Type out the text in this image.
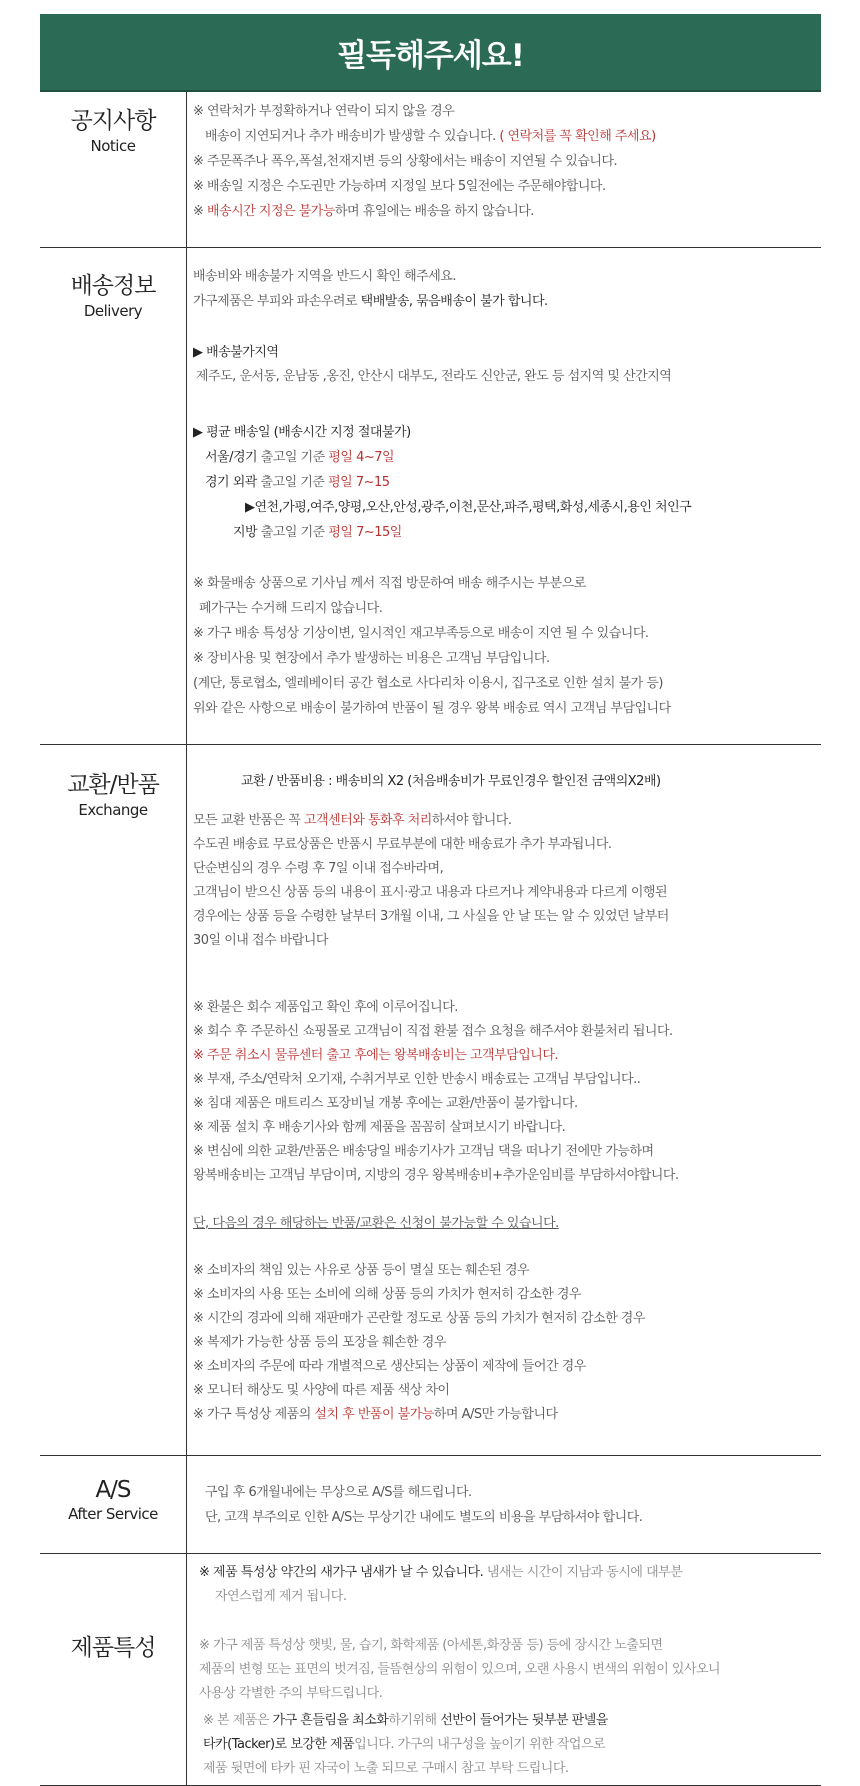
필독해주세요!
공지사항
Notice
※ 연락처가 부정확하거나 연락이 되지 않을 경우
배송이 지연되거나 추가 배송비가 발생할 수 있습니다. ( 연락처를 꼭 확인해 주세요)
※ 주문폭주나 폭우,폭설,천재지변 등의 상황에서는 배송이 지연될 수 있습니다.
※ 배송일 지정은 수도권만 가능하며 지정일 보다 5일전에는 주문해야합니다.
※ 배송시간 지정은 불가능하며 휴일에는 배송을 하지 않습니다.
배송정보
Delivery
배송비와 배송불가 지역을 반드시 확인 해주세요.
가구제품은 부피와 파손우려로 택배발송, 묶음배송이 불가 합니다.
▶ 배송불가지역
제주도, 운서동, 운남동 ,옹진, 안산시 대부도, 전라도 신안군, 완도 등 섬지역 및 산간지역
▶ 평균 배송일 (배송시간 지정 절대불가)
서울/경기 출고일 기준 평일 4~7일
경기 외곽 출고일 기준 평일 7~15
▶연천,가평,여주,양평,오산,안성,광주,이천,문산,파주,평택,화성,세종시,용인 처인구
지방 출고일 기준 평일 7~15일
※ 화물배송 상품으로 기사님 께서 직접 방문하여 배송 해주시는 부분으로
폐가구는 수거해 드리지 않습니다.
※ 가구 배송 특성상 기상이변, 일시적인 재고부족등으로 배송이 지연 될 수 있습니다.
※ 장비사용 및 현장에서 추가 발생하는 비용은 고객님 부담입니다.
(계단, 통로협소, 엘레베이터 공간 협소로 사다리차 이용시, 집구조로 인한 설치 불가 등)
위와 같은 사항으로 배송이 불가하여 반품이 될 경우 왕복 배송료 역시 고객님 부담입니다
교환/반품
Exchange
교환 / 반품비용 : 배송비의 X2 (처음배송비가 무료인경우 할인전 금액의X2배)
모든 교환 반품은 꼭 고객센터와 통화후 처리하셔야 합니다.
수도권 배송료 무료상품은 반품시 무료부분에 대한 배송료가 추가 부과됩니다.
단순변심의 경우 수령 후 7일 이내 접수바라며,
고객님이 받으신 상품 등의 내용이 표시·광고 내용과 다르거나 계약내용과 다르게 이행된
경우에는 상품 등을 수령한 날부터 3개월 이내, 그 사실을 안 날 또는 알 수 있었던 날부터
30일 이내 접수 바랍니다
※ 환불은 회수 제품입고 확인 후에 이루어집니다.
※ 회수 후 주문하신 쇼핑몰로 고객님이 직접 환불 접수 요청을 해주셔야 환불처리 됩니다.
※ 주문 취소시 물류센터 출고 후에는 왕복배송비는 고객부담입니다.
※ 부재, 주소/연락처 오기재, 수취거부로 인한 반송시 배송료는 고객님 부담입니다..
※ 침대 제품은 매트리스 포장비닐 개봉 후에는 교환/반품이 불가합니다.
※ 제품 설치 후 배송기사와 함께 제품을 꼼꼼히 살펴보시기 바랍니다.
※ 변심에 의한 교환/반품은 배송당일 배송기사가 고객님 댁을 떠나기 전에만 가능하며
왕복배송비는 고객님 부담이며, 지방의 경우 왕복배송비+추가운임비를 부담하셔야합니다.
단, 다음의 경우 해당하는 반품/교환은 신청이 불가능할 수 있습니다.
※ 소비자의 책임 있는 사유로 상품 등이 멸실 또는 훼손된 경우
※ 소비자의 사용 또는 소비에 의해 상품 등의 가치가 현저히 감소한 경우
※ 시간의 경과에 의해 재판매가 곤란할 정도로 상품 등의 가치가 현저히 감소한 경우
※ 복제가 가능한 상품 등의 포장을 훼손한 경우
※ 소비자의 주문에 따라 개별적으로 생산되는 상품이 제작에 들어간 경우
※ 모니터 해상도 및 사양에 따른 제품 색상 차이
※ 가구 특성상 제품의 설치 후 반품이 불가능하며 A/S만 가능합니다
A/S
After Service
구입 후 6개월내에는 무상으로 A/S를 해드립니다.
단, 고객 부주의로 인한 A/S는 무상기간 내에도 별도의 비용을 부담하셔야 합니다.
제품특성
※ 제품 특성상 약간의 새가구 냄새가 날 수 있습니다. 냄새는 시간이 지남과 동시에 대부분
자연스럽게 제거 됩니다.
※ 가구 제품 특성상 햇빛, 물, 습기, 화학제품 (아세톤,화장품 등) 등에 장시간 노출되면
제품의 변형 또는 표면의 벗겨짐, 들뜸현상의 위험이 있으며, 오랜 사용시 변색의 위험이 있사오니
사용상 각별한 주의 부탁드립니다.
※ 본 제품은 가구 흔들림을 최소화하기위해 선반이 들어가는 뒷부분 판넬을
타카(Tacker)로 보강한 제품입니다. 가구의 내구성을 높이기 위한 작업으로
제품 뒷면에 타카 핀 자국이 노출 되므로 구매시 참고 부탁 드립니다.
